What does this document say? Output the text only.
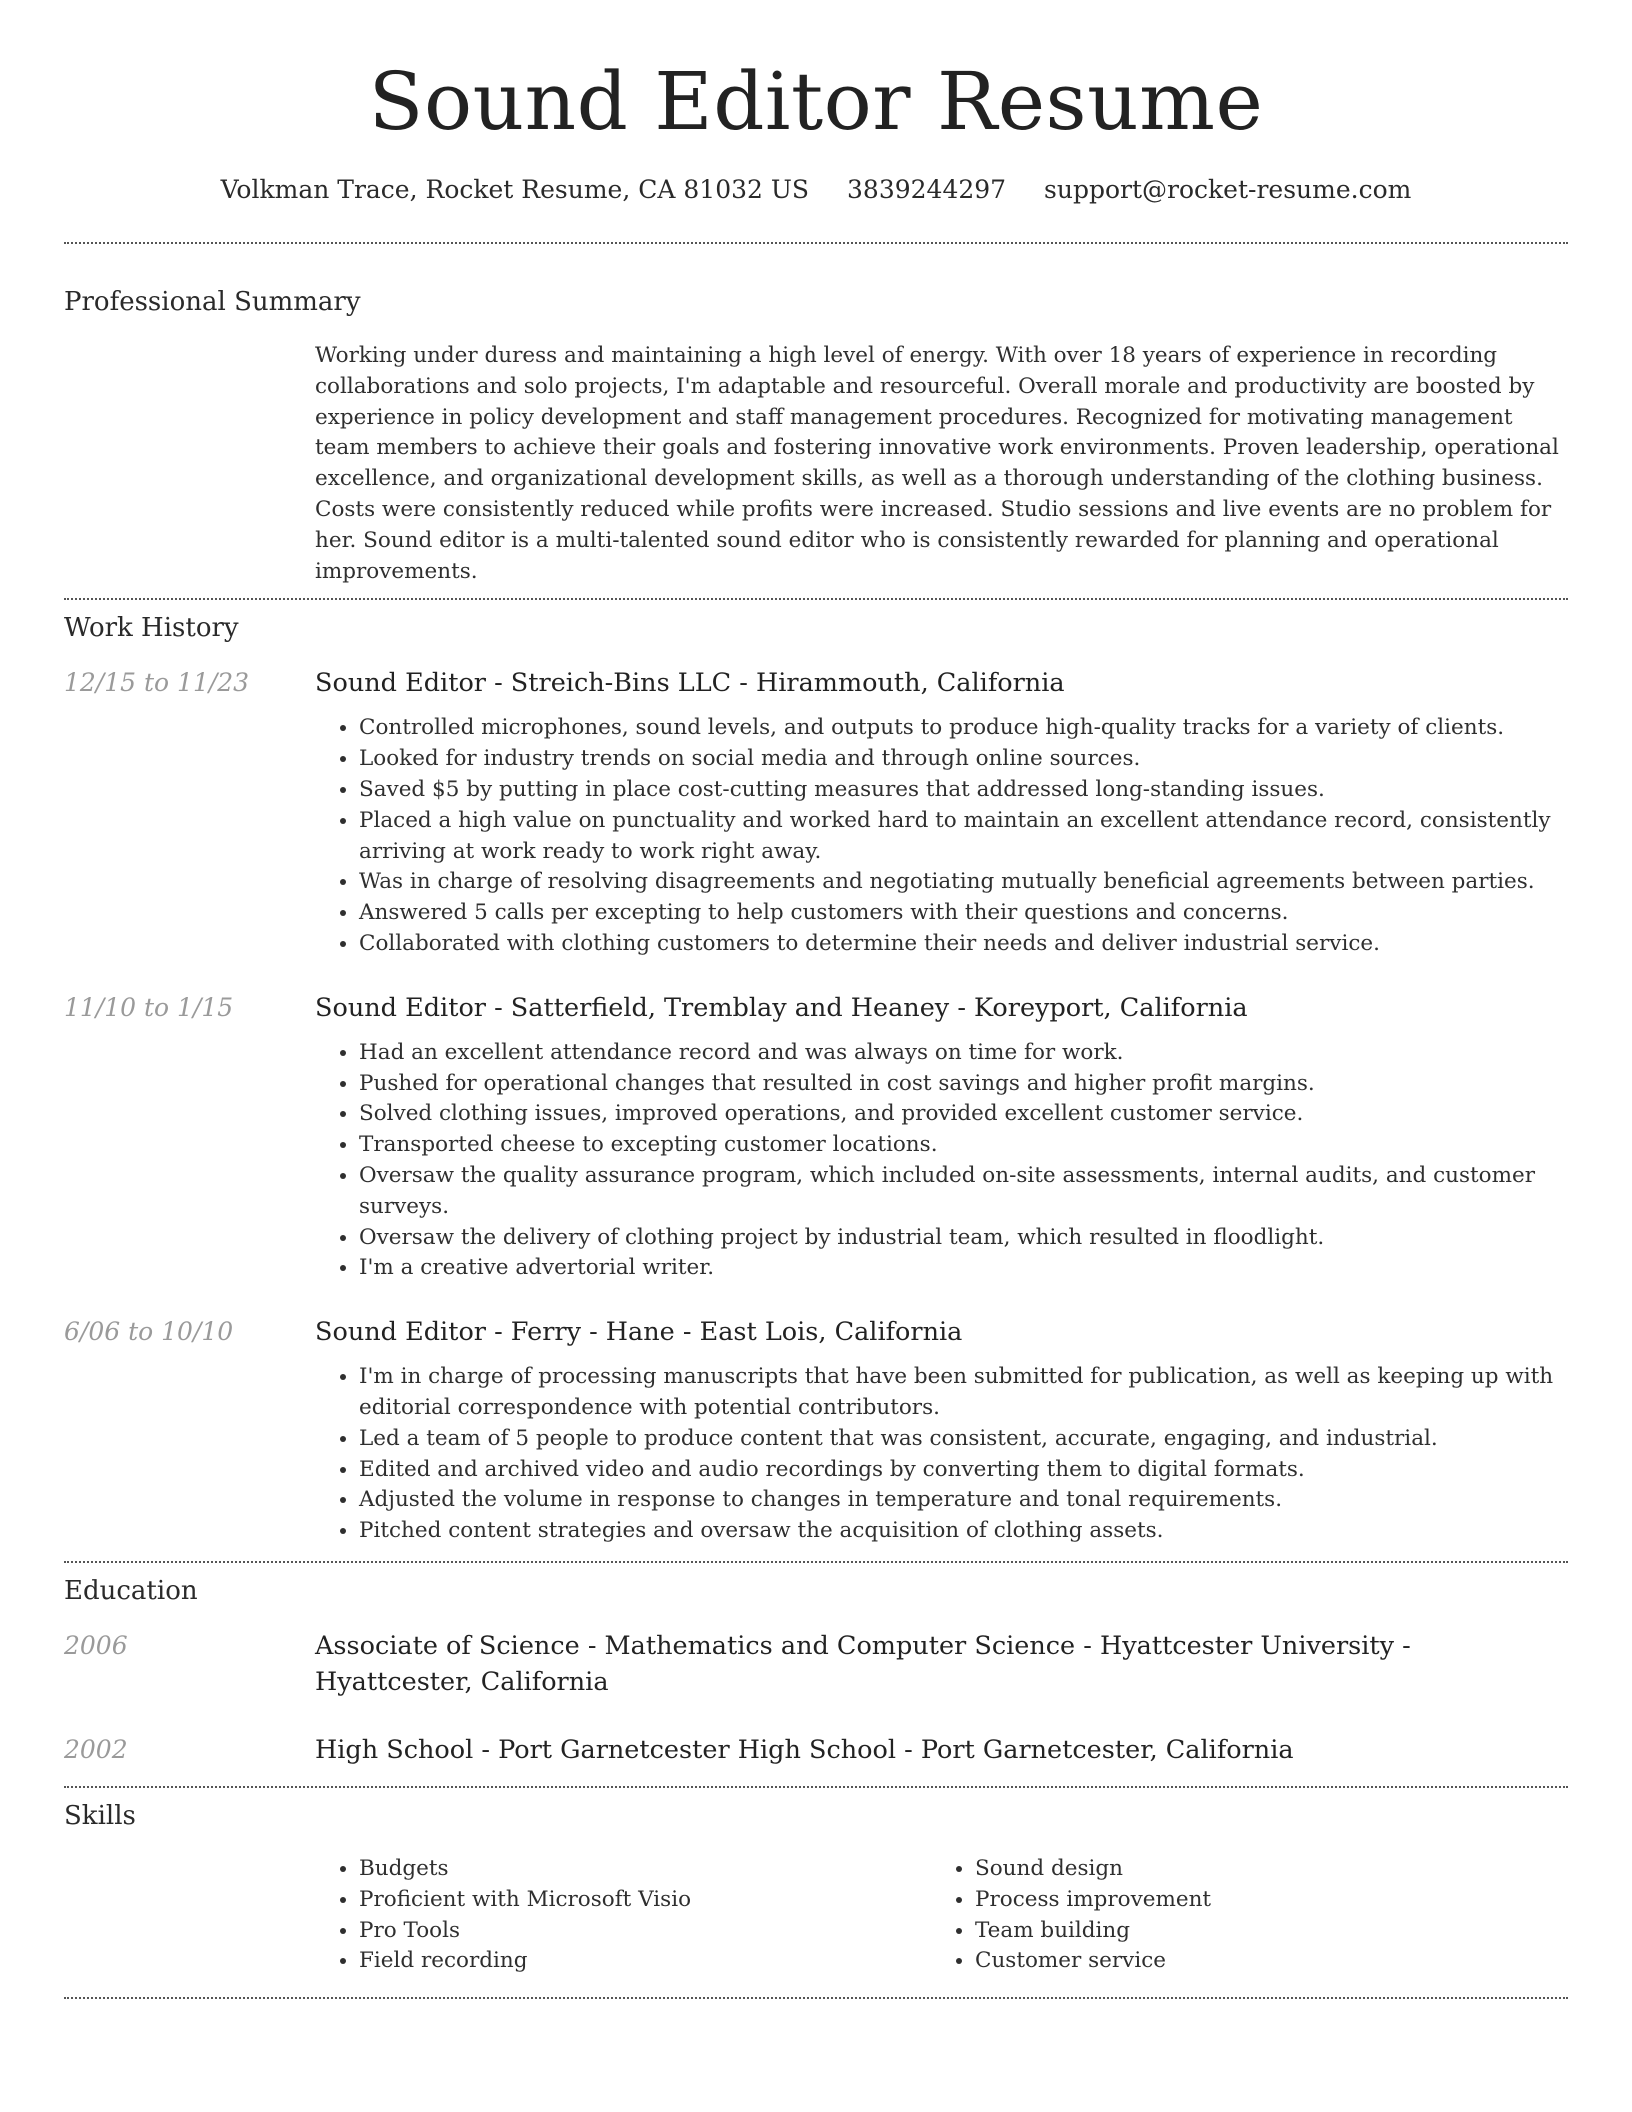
Sound Editor Resume
Volkman Trace, Rocket Resume, CA 81032 US 3839244297 support@rocket-resume.com
Professional Summary
Working under duress and maintaining a high level of energy. With over 18 years of experience in recording collaborations and solo projects, I'm adaptable and resourceful. Overall morale and productivity are boosted by experience in policy development and staff management procedures. Recognized for motivating management team members to achieve their goals and fostering innovative work environments. Proven leadership, operational excellence, and organizational development skills, as well as a thorough understanding of the clothing business. Costs were consistently reduced while profits were increased. Studio sessions and live events are no problem for her. Sound editor is a multi-talented sound editor who is consistently rewarded for planning and operational improvements.
Work History
12/15 to 11/23	Sound Editor - Streich-Bins LLC - Hirammouth, California
• Controlled microphones, sound levels, and outputs to produce high-quality tracks for a variety of clients.
• Looked for industry trends on social media and through online sources.
• Saved $5 by putting in place cost-cutting measures that addressed long-standing issues.
• Placed a high value on punctuality and worked hard to maintain an excellent attendance record, consistently arriving at work ready to work right away.
• Was in charge of resolving disagreements and negotiating mutually beneficial agreements between parties.
• Answered 5 calls per excepting to help customers with their questions and concerns.
• Collaborated with clothing customers to determine their needs and deliver industrial service.
11/10 to 1/15	Sound Editor - Satterfield, Tremblay and Heaney - Koreyport, California
• Had an excellent attendance record and was always on time for work.
• Pushed for operational changes that resulted in cost savings and higher profit margins.
• Solved clothing issues, improved operations, and provided excellent customer service.
• Transported cheese to excepting customer locations.
• Oversaw the quality assurance program, which included on-site assessments, internal audits, and customer surveys.
• Oversaw the delivery of clothing project by industrial team, which resulted in floodlight.
• I'm a creative advertorial writer.
6/06 to 10/10	Sound Editor - Ferry - Hane - East Lois, California
• I'm in charge of processing manuscripts that have been submitted for publication, as well as keeping up with editorial correspondence with potential contributors.
• Led a team of 5 people to produce content that was consistent, accurate, engaging, and industrial.
• Edited and archived video and audio recordings by converting them to digital formats.
• Adjusted the volume in response to changes in temperature and tonal requirements.
• Pitched content strategies and oversaw the acquisition of clothing assets.
Education
2006	Associate of Science - Mathematics and Computer Science - Hyattcester University - Hyattcester, California
2002	High School - Port Garnetcester High School - Port Garnetcester, California
Skills
• Budgets
• Proficient with Microsoft Visio
• Pro Tools
• Field recording
• Sound design
• Process improvement
• Team building
• Customer service
